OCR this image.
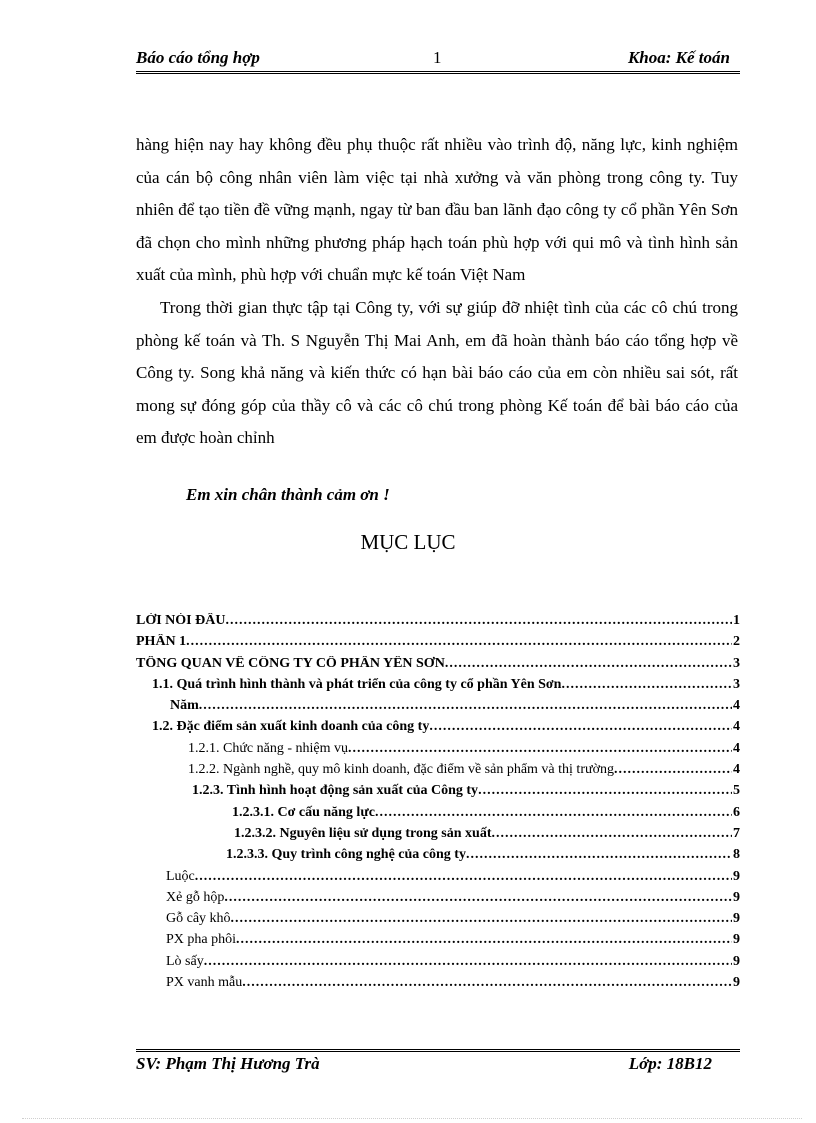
Báo cáo tổng hợp	1	Khoa: Kế toán

hàng hiện nay hay không đều phụ thuộc rất nhiều vào trình độ, năng lực, kinh nghiệm của cán bộ công nhân viên làm việc tại nhà xưởng và văn phòng trong công ty. Tuy nhiên để tạo tiền đề vững mạnh, ngay từ ban đầu ban lãnh đạo công ty cổ phần Yên Sơn đã chọn cho mình những phương pháp hạch toán phù hợp với qui mô và tình hình sản xuất của mình, phù hợp với chuẩn mực kế toán Việt Nam

Trong thời gian thực tập tại Công ty, với sự giúp đỡ nhiệt tình của các cô chú trong phòng kế toán và Th. S Nguyễn Thị Mai Anh, em đã hoàn thành báo cáo tổng hợp về Công ty. Song khả năng và kiến thức có hạn bài báo cáo của em còn nhiều sai sót, rất mong sự đóng góp của thầy cô và các cô chú trong phòng Kế toán để bài báo cáo của em được hoàn chỉnh

Em xin chân thành cảm ơn !
MỤC LỤC
LỜI NÓI ĐẦU .....	1
PHẦN 1 .....	2
TỔNG QUAN VỀ CÔNG TY CỔ PHẦN YÊN SƠN .....	3
1.1. Quá trình hình thành và phát triển của công ty cổ phần Yên Sơn .....	3
Năm .....	4
1.2. Đặc điểm sản xuất kinh doanh của công ty .....	4
1.2.1. Chức năng - nhiệm vụ .....	4
1.2.2. Ngành nghề, quy mô kinh doanh, đặc điểm về sản phẩm và thị trường .....	4
1.2.3. Tình hình hoạt động sản xuất của Công ty .....	5
1.2.3.1. Cơ cấu năng lực .....	6
1.2.3.2. Nguyên liệu sử dụng trong sản xuất .....	7
1.2.3.3. Quy trình công nghệ của công ty .....	8
Luộc .....	9
Xẻ gỗ hộp .....	9
Gỗ cây khô .....	9
PX pha phôi .....	9
Lò sấy .....	9
PX vanh mẫu .....	9
SV: Phạm Thị Hương Trà	Lớp: 18B12
